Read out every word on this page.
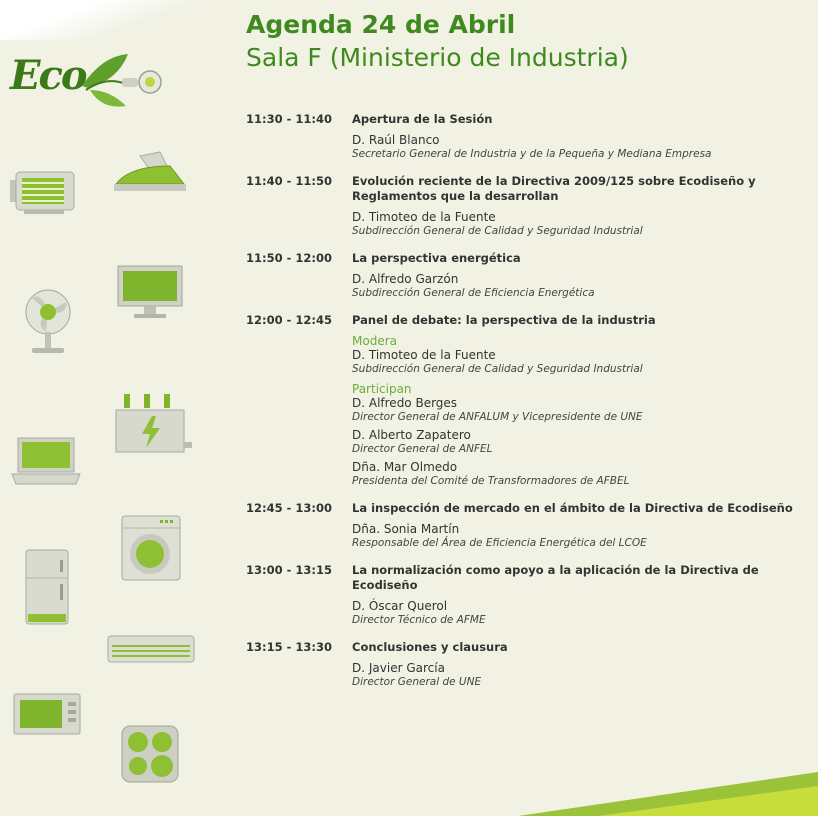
Agenda 24 de Abril
Sala F (Ministerio de Industria)
Eco
11:30 - 11:40 Apertura de la Sesión
D. Raúl Blanco
Secretario General de Industria y de la Pequeña y Mediana Empresa
11:40 - 11:50 Evolución reciente de la Directiva 2009/125 sobre Ecodiseño y Reglamentos que la desarrollan
D. Timoteo de la Fuente
Subdirección General de Calidad y Seguridad Industrial
11:50 - 12:00 La perspectiva energética
D. Alfredo Garzón
Subdirección General de Eficiencia Energética
12:00 - 12:45 Panel de debate: la perspectiva de la industria
Modera
D. Timoteo de la Fuente
Subdirección General de Calidad y Seguridad Industrial
Participan
D. Alfredo Berges
Director General de ANFALUM y Vicepresidente de UNE
D. Alberto Zapatero
Director General de ANFEL
Dña. Mar Olmedo
Presidenta del Comité de Transformadores de AFBEL
12:45 - 13:00 La inspección de mercado en el ámbito de la Directiva de Ecodiseño
Dña. Sonia Martín
Responsable del Área de Eficiencia Energética del LCOE
13:00 - 13:15 La normalización como apoyo a la aplicación de la Directiva de Ecodiseño
D. Óscar Querol
Director Técnico de AFME
13:15 - 13:30 Conclusiones y clausura
D. Javier García
Director General de UNE
